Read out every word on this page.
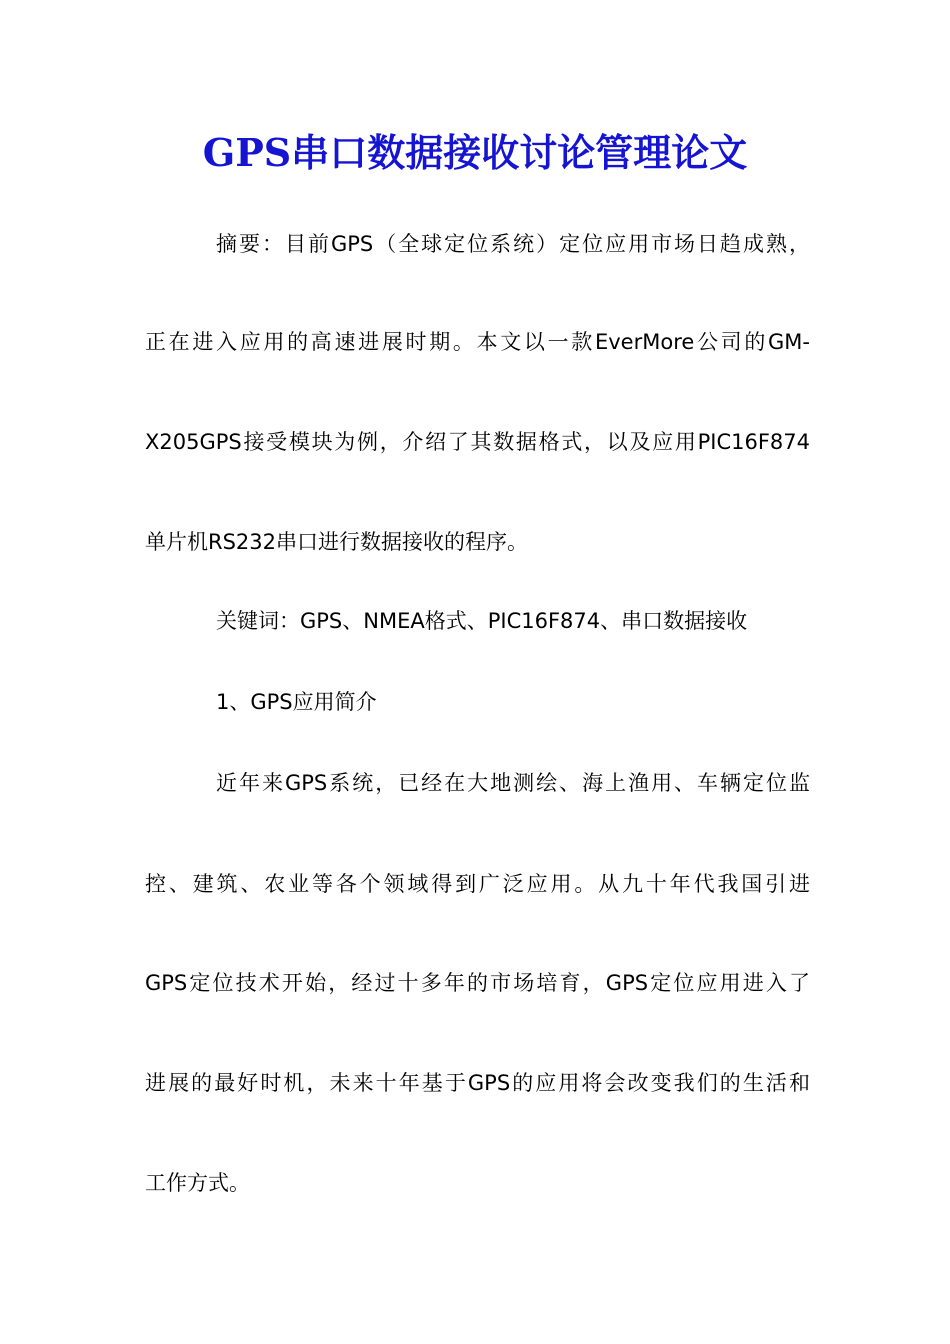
GPS串口数据接收讨论管理论文
摘要：目前GPS（全球定位系统）定位应用市场日趋成熟，
正在进入应用的高速进展时期。本文以一款EverMore公司的GM-
X205GPS接受模块为例，介绍了其数据格式，以及应用PIC16F874
单片机RS232串口进行数据接收的程序。
关键词：GPS、NMEA格式、PIC16F874、串口数据接收
1、GPS应用简介
近年来GPS系统，已经在大地测绘、海上渔用、车辆定位监
控、建筑、农业等各个领域得到广泛应用。从九十年代我国引进
GPS定位技术开始，经过十多年的市场培育，GPS定位应用进入了
进展的最好时机，未来十年基于GPS的应用将会改变我们的生活和
工作方式。
